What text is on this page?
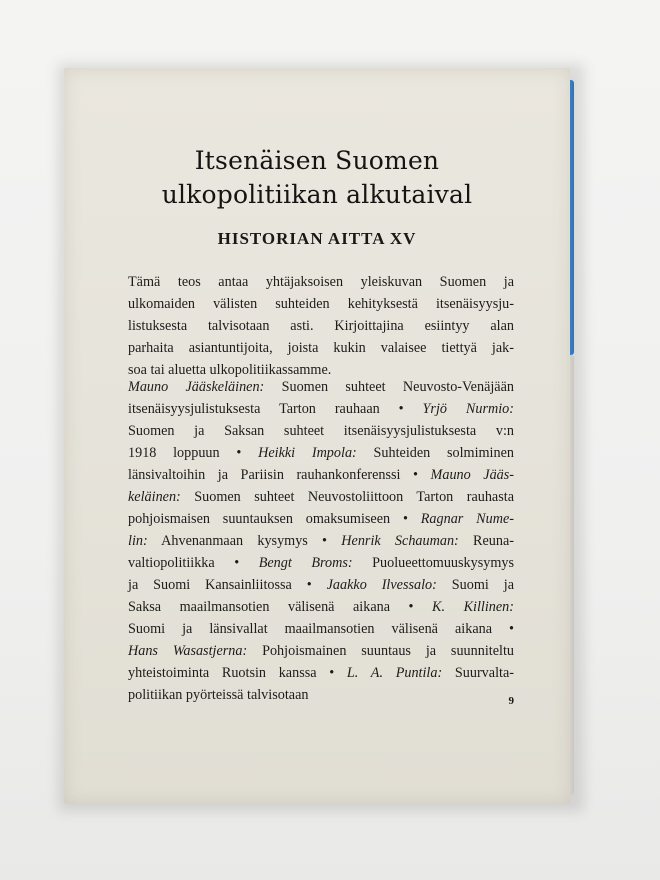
Itsenäisen Suomen
ulkopolitiikan alkutaival
HISTORIAN AITTA XV
Tämä teos antaa yhtäjaksoisen yleiskuvan Suomen ja
ulkomaiden välisten suhteiden kehityksestä itsenäisyysju-
listuksesta talvisotaan asti. Kirjoittajina esiintyy alan
parhaita asiantuntijoita, joista kukin valaisee tiettyä jak-
soa tai aluetta ulkopolitiikassamme.
Mauno Jääskeläinen: Suomen suhteet Neuvosto-Venäjään
itsenäisyysjulistuksesta Tarton rauhaan • Yrjö Nurmio:
Suomen ja Saksan suhteet itsenäisyysjulistuksesta v:n
1918 loppuun • Heikki Impola: Suhteiden solmiminen
länsivaltoihin ja Pariisin rauhankonferenssi • Mauno Jääs-
keläinen: Suomen suhteet Neuvostoliittoon Tarton rauhasta
pohjoismaisen suuntauksen omaksumiseen • Ragnar Nume-
lin: Ahvenanmaan kysymys • Henrik Schauman: Reuna-
valtiopolitiikka • Bengt Broms: Puolueettomuuskysymys
ja Suomi Kansainliitossa • Jaakko Ilvessalo: Suomi ja
Saksa maailmansotien välisenä aikana • K. Killinen:
Suomi ja länsivallat maailmansotien välisenä aikana •
Hans Wasastjerna: Pohjoismainen suuntaus ja suunniteltu
yhteistoiminta Ruotsin kanssa • L. A. Puntila: Suurvalta-
politiikan pyörteissä talvisotaan	9
